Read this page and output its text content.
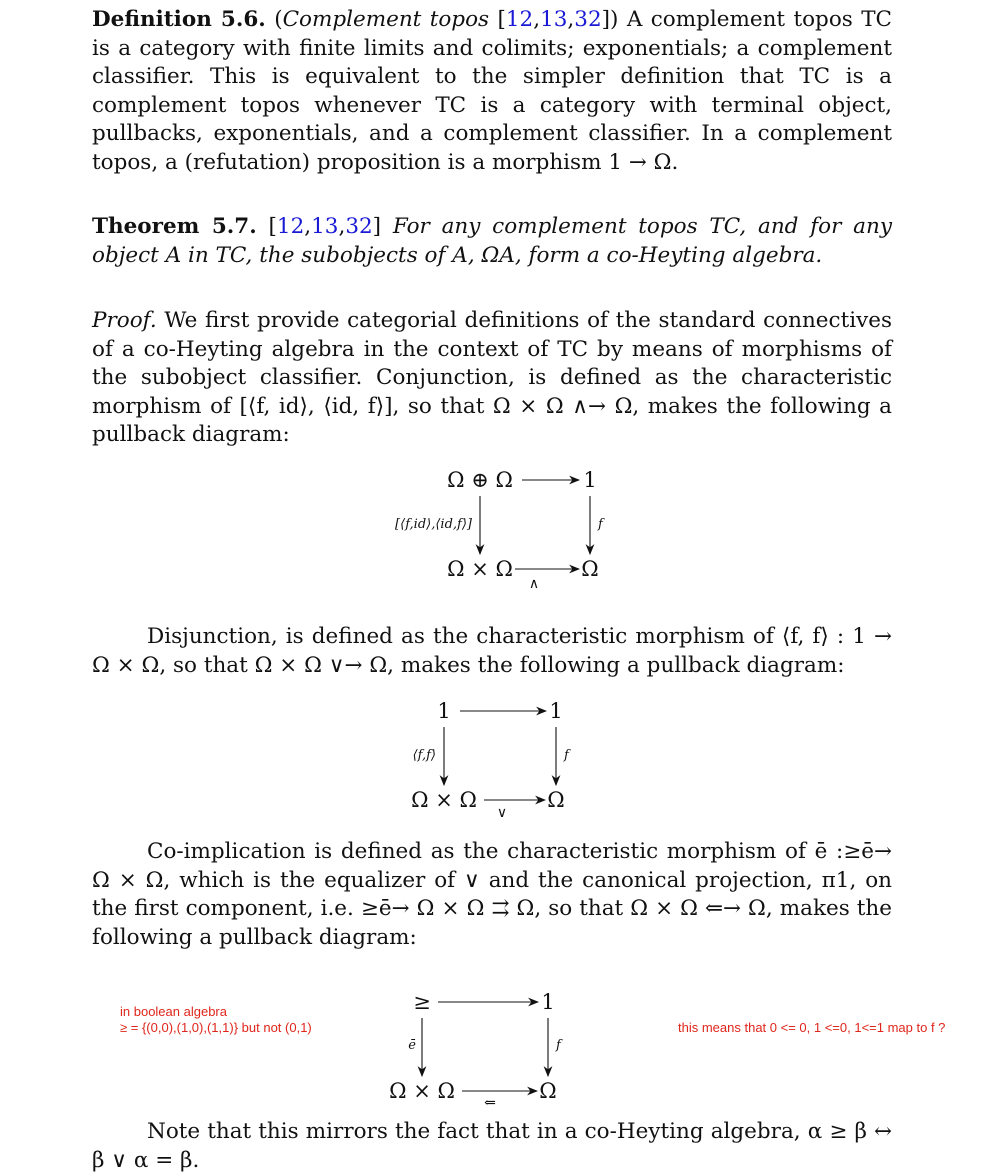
Definition 5.6. (Complement topos [12,13,32]) A complement topos TC is a category with finite limits and colimits; exponentials; a complement classifier. This is equivalent to the simpler definition that TC is a complement topos whenever TC is a category with terminal object, pullbacks, exponentials, and a complement classifier. In a complement topos, a (refutation) proposition is a morphism 1 → Ω.

Theorem 5.7. [12,13,32] For any complement topos TC, and for any object A in TC, the subobjects of A, ΩA, form a co-Heyting algebra.

Proof. We first provide categorial definitions of the standard connectives of a co-Heyting algebra in the context of TC by means of morphisms of the subobject classifier. Conjunction, is defined as the characteristic morphism of [⟨f, id⟩, ⟨id, f⟩], so that Ω × Ω ∧→ Ω, makes the following a pullback diagram:

Ω ⊕ Ω	1
Ω × Ω	Ω
[⟨f,id⟩,⟨id,f⟩]	f
∧

Disjunction, is defined as the characteristic morphism of ⟨f, f⟩ : 1 → Ω × Ω, so that Ω × Ω ∨→ Ω, makes the following a pullback diagram:

1	1
Ω × Ω	Ω
⟨f,f⟩	f
∨

Co-implication is defined as the characteristic morphism of ē :≥ē→ Ω × Ω, which is the equalizer of ∨ and the canonical projection, π1, on the first component, i.e. ≥ē→ Ω × Ω ⇉ Ω, so that Ω × Ω ⇐→ Ω, makes the following a pullback diagram:

≥	1
Ω × Ω	Ω
ē	f
⇐
in boolean algebra
≥ = {(0,0),(1,0),(1,1)} but not (0,1)	this means that 0 <= 0, 1 <=0, 1<=1 map to f ?

Note that this mirrors the fact that in a co-Heyting algebra, α ≥ β ↔ β ∨ α = β.
